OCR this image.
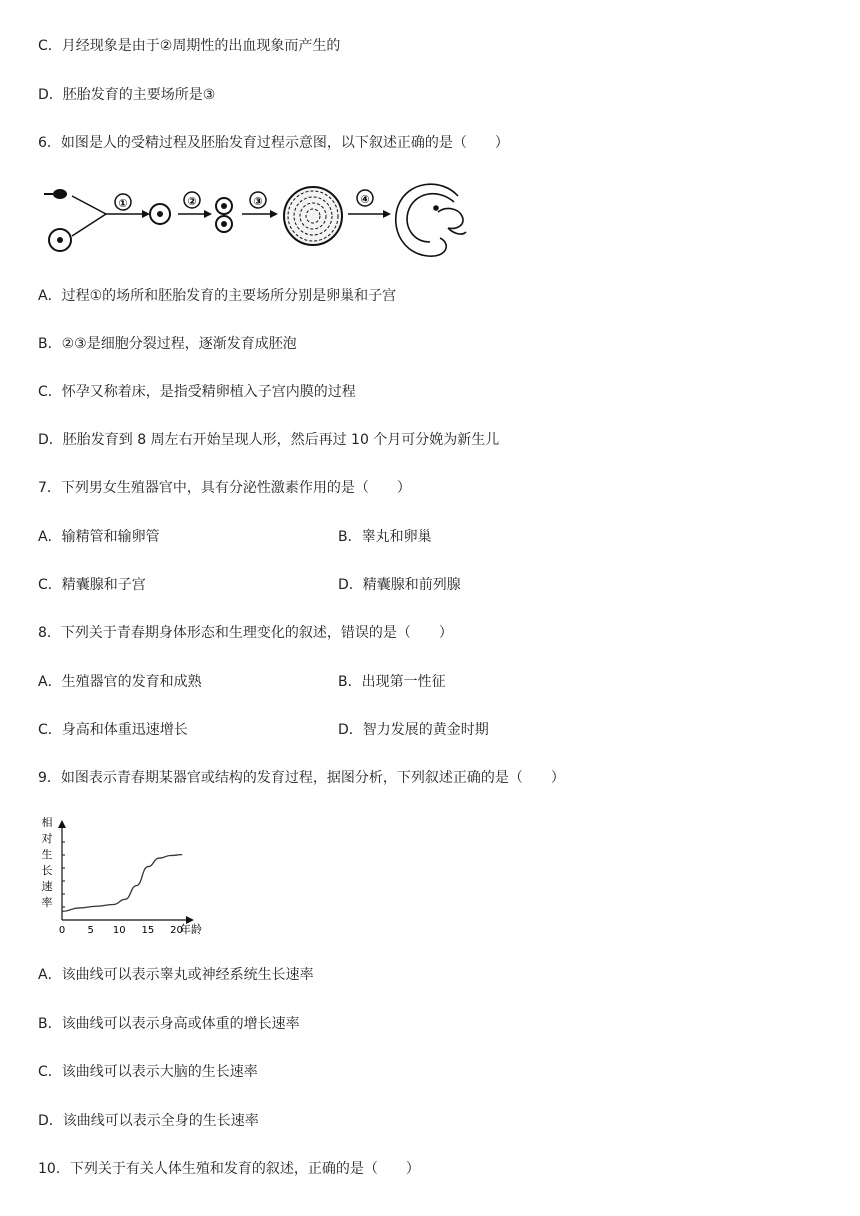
C．月经现象是由于②周期性的出血现象而产生的
D．胚胎发育的主要场所是③
6．如图是人的受精过程及胚胎发育过程示意图，以下叙述正确的是（　　）
①	②	③	④
A．过程①的场所和胚胎发育的主要场所分别是卵巢和子宫
B．②③是细胞分裂过程，逐渐发育成胚泡
C．怀孕又称着床，是指受精卵植入子宫内膜的过程
D．胚胎发育到 8 周左右开始呈现人形，然后再过 10 个月可分娩为新生儿
7．下列男女生殖器官中，具有分泌性激素作用的是（　　）
A．输精管和输卵管	B．睾丸和卵巢
C．精囊腺和子宫	D．精囊腺和前列腺
8．下列关于青春期身体形态和生理变化的叙述，错误的是（　　）
A．生殖器官的发育和成熟	B．出现第一性征
C．身高和体重迅速增长	D．智力发展的黄金时期
9．如图表示青春期某器官或结构的发育过程，据图分析，下列叙述正确的是（　　）
相
对
生
长
速
率
0 5 10 15 20
年龄
A．该曲线可以表示睾丸或神经系统生长速率
B．该曲线可以表示身高或体重的增长速率
C．该曲线可以表示大脑的生长速率
D．该曲线可以表示全身的生长速率
10．下列关于有关人体生殖和发育的叙述，正确的是（　　）
